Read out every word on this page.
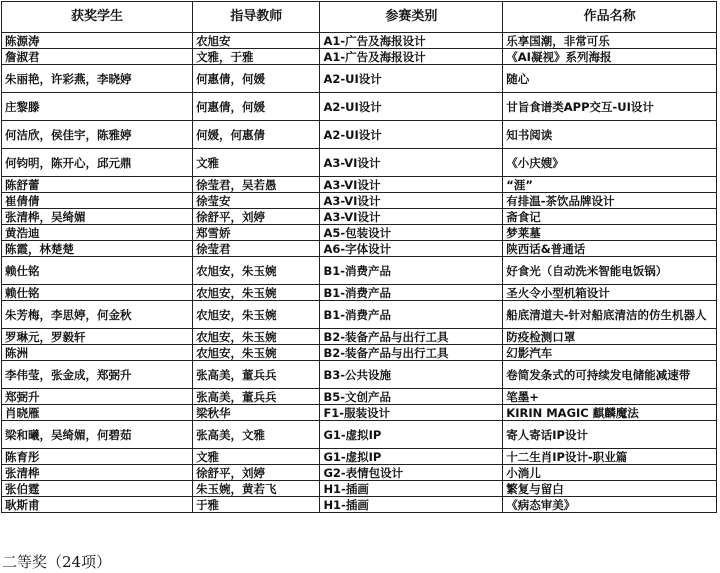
获奖学生	指导教师	参赛类别	作品名称
陈源涛	农旭安	A1-广告及海报设计	乐享国潮，非常可乐
詹淑君	文雅，于雅	A1-广告及海报设计	《AI凝视》系列海报
朱丽艳，许彩燕，李晓婷	何惠倩，何媛	A2-UI设计	随心
庄黎滕	何惠倩，何媛	A2-UI设计	甘旨食谱类APP交互-UI设计
何洁欣，侯佳宇，陈雅婷	何媛，何惠倩	A2-UI设计	知书阅读
何钧明，陈开心，邱元鼎	文雅	A3-VI设计	《小庆嫂》
陈舒蕾	徐莹君，吴若愚	A3-VI设计	“涯”
崔倩倩	徐莹安	A3-VI设计	有排温-茶饮品牌设计
张清桦，吴绮媚	徐舒平，刘婷	A3-VI设计	斋食记
黄浩迪	郑雪娇	A5-包装设计	梦莱墓
陈霞，林楚楚	徐莹君	A6-字体设计	陕西话&普通话
赖仕铭	农旭安，朱玉婉	B1-消费产品	好食光（自动洗米智能电饭锅）
赖仕铭	农旭安，朱玉婉	B1-消费产品	圣火令小型机箱设计
朱芳梅，李思婷，何金秋	农旭安，朱玉婉	B1-消费产品	船底清道夫-针对船底清洁的仿生机器人
罗琳元，罗毅轩	农旭安，朱玉婉	B2-装备产品与出行工具	防疫检测口罩
陈洲	农旭安，朱玉婉	B2-装备产品与出行工具	幻影汽车
李伟莹，张金成，郑弼升	张高美，董兵兵	B3-公共设施	卷简发条式的可持续发电储能减速带
郑弼升	张高美，董兵兵	B5-文创产品	笔墨+
肖晓雁	梁秋华	F1-服装设计	KIRIN MAGIC 麒麟魔法
梁和曦，吴绮媚，何碧茹	张高美，文雅	G1-虚拟IP	寄人寄话IP设计
陈育彤	文雅	G1-虚拟IP	十二生肖IP设计-职业篇
张清桦	徐舒平，刘婷	G2-表情包设计	小淌儿
张伯霆	朱玉婉，黄若飞	H1-插画	繁复与留白
耿斯甫	于雅	H1-插画	《病态审美》
二等奖（24项）
